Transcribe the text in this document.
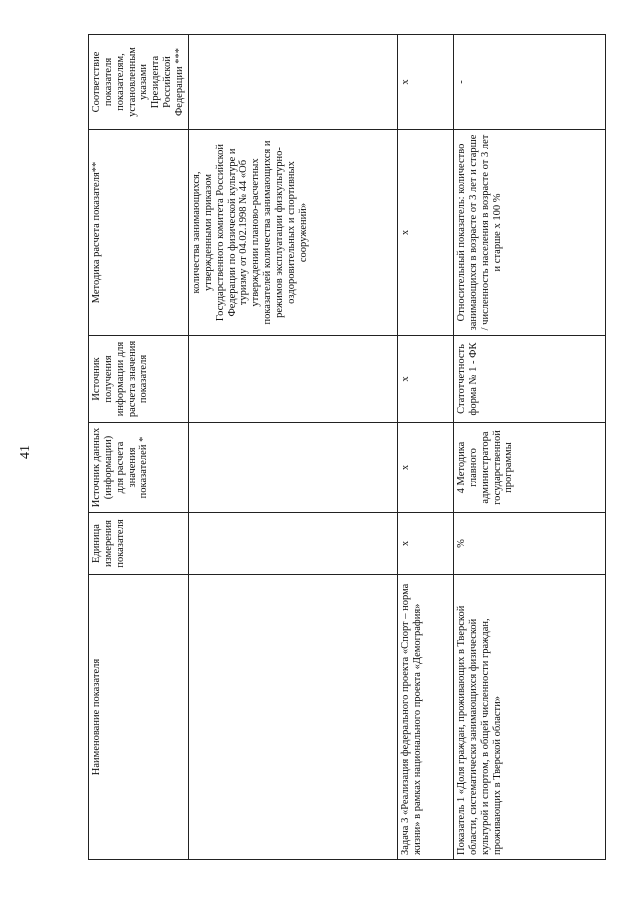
41
Наименование показателя	Единица измерения показателя	Источник данных (информации) для расчета значения показателей *	Источник получения информации для расчета значения показателя	Методика расчета показателя**	Соответствие показателя показателям, установленным указами Президента Российской Федерации ***
				количества занимающихся, утвержденными приказом Государственного комитета Российской Федерации по физической культуре и туризму от 04.02.1998 № 44 «Об утверждении планово-расчетных показателей количества занимающихся и режимов эксплуатации физкультурно-оздоровительных и спортивных сооружений»	
Задача 3 «Реализация федерального проекта «Спорт – норма жизни» в рамках национального проекта «Демография»	х	х	х	х	х
Показатель 1 «Доля граждан, проживающих в Тверской области, систематически занимающихся физической культурой и спортом, в общей численности граждан, проживающих в Тверской области»	%	4 Методика главного администратора государственной программы	Статотчетность форма № 1 - ФК	Относительный показатель: количество занимающихся в возрасте от 3 лет и старше / численность населения в возрасте от 3 лет и старше х 100 %	-
